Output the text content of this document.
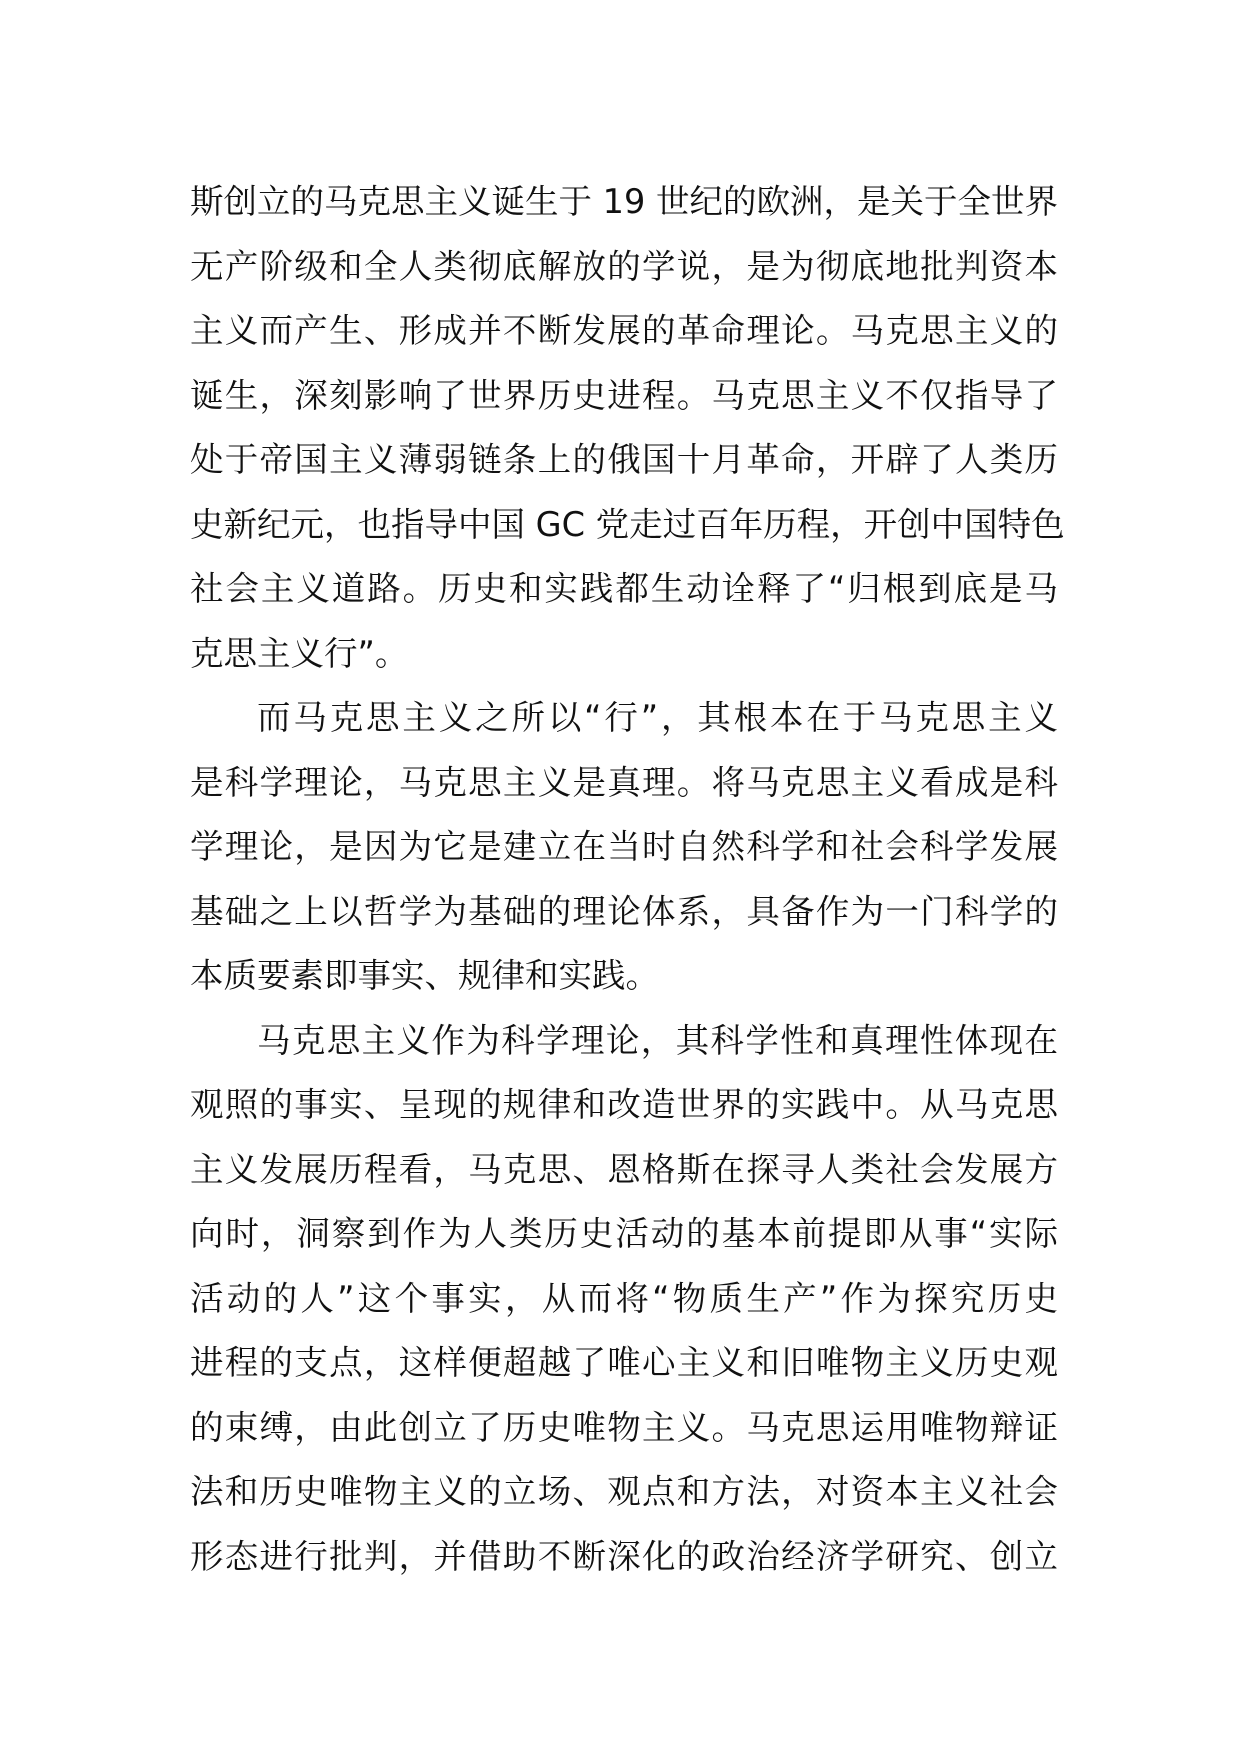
斯创立的马克思主义诞生于 19 世纪的欧洲，是关于全世界
无产阶级和全人类彻底解放的学说，是为彻底地批判资本
主义而产生、形成并不断发展的革命理论。马克思主义的
诞生，深刻影响了世界历史进程。马克思主义不仅指导了
处于帝国主义薄弱链条上的俄国十月革命，开辟了人类历
史新纪元，也指导中国 GC 党走过百年历程，开创中国特色
社会主义道路。历史和实践都生动诠释了“归根到底是马
克思主义行”。
而马克思主义之所以“行”，其根本在于马克思主义
是科学理论，马克思主义是真理。将马克思主义看成是科
学理论，是因为它是建立在当时自然科学和社会科学发展
基础之上以哲学为基础的理论体系，具备作为一门科学的
本质要素即事实、规律和实践。
马克思主义作为科学理论，其科学性和真理性体现在
观照的事实、呈现的规律和改造世界的实践中。从马克思
主义发展历程看，马克思、恩格斯在探寻人类社会发展方
向时，洞察到作为人类历史活动的基本前提即从事“实际
活动的人”这个事实，从而将“物质生产”作为探究历史
进程的支点，这样便超越了唯心主义和旧唯物主义历史观
的束缚，由此创立了历史唯物主义。马克思运用唯物辩证
法和历史唯物主义的立场、观点和方法，对资本主义社会
形态进行批判，并借助不断深化的政治经济学研究、创立
